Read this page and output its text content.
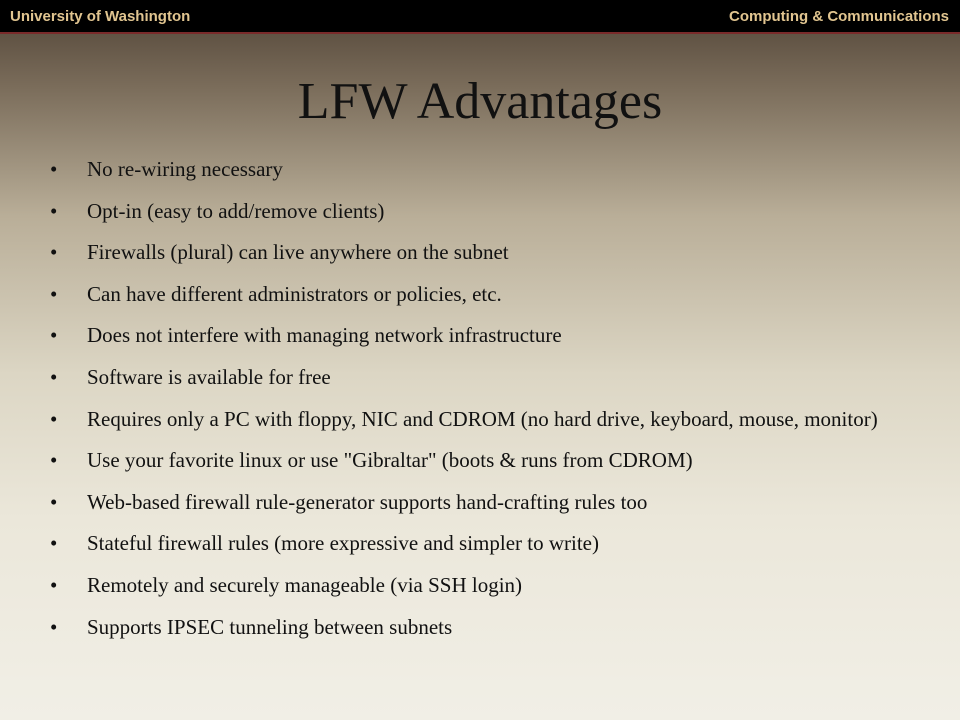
University of Washington	Computing & Communications
LFW Advantages
• No re-wiring necessary
• Opt-in (easy to add/remove clients)
• Firewalls (plural) can live anywhere on the subnet
• Can have different administrators or policies, etc.
• Does not interfere with managing network infrastructure
• Software is available for free
• Requires only a PC with floppy, NIC and CDROM (no hard drive, keyboard, mouse, monitor)
• Use your favorite linux or use "Gibraltar" (boots & runs from CDROM)
• Web-based firewall rule-generator supports hand-crafting rules too
• Stateful firewall rules (more expressive and simpler to write)
• Remotely and securely manageable (via SSH login)
• Supports IPSEC tunneling between subnets
